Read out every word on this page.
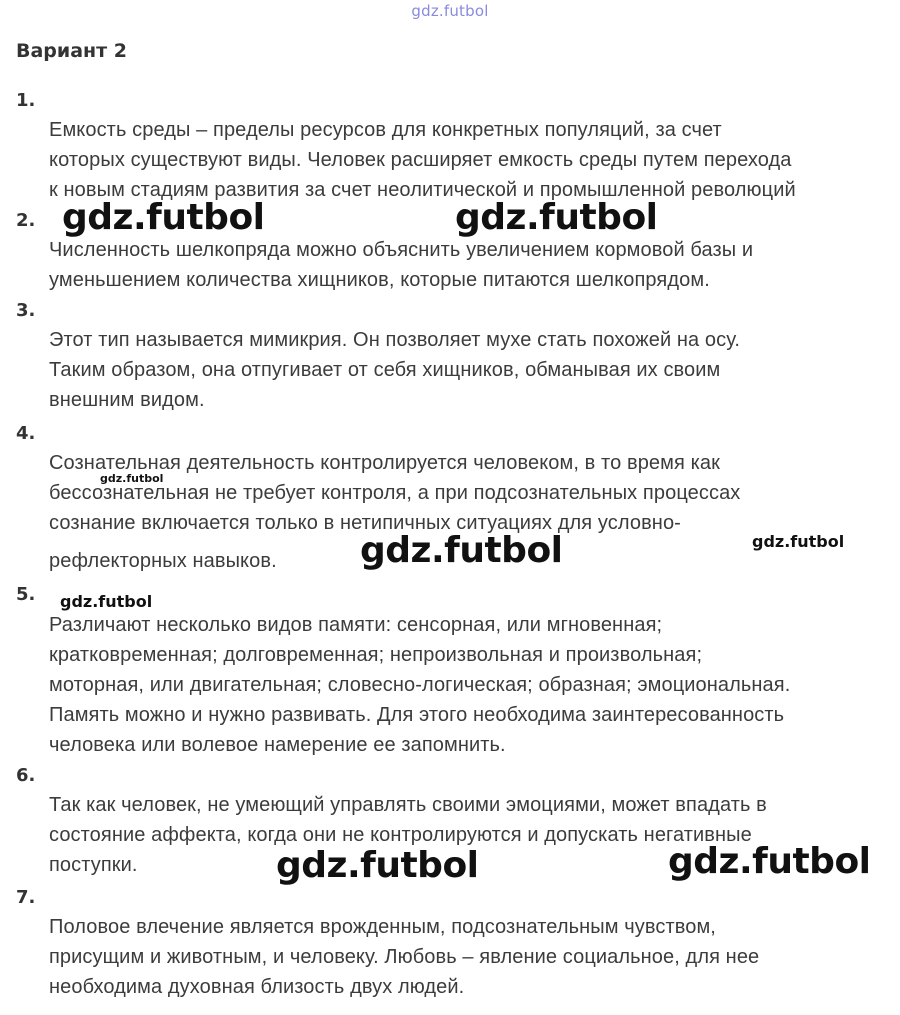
gdz.futbol
Вариант 2
1.
Емкость среды – пределы ресурсов для конкретных популяций, за счет
которых существуют виды. Человек расширяет емкость среды путем перехода
к новым стадиям развития за счет неолитической и промышленной революций
2.
Численность шелкопряда можно объяснить увеличением кормовой базы и
уменьшением количества хищников, которые питаются шелкопрядом.
3.
Этот тип называется мимикрия. Он позволяет мухе стать похожей на осу.
Таким образом, она отпугивает от себя хищников, обманывая их своим
внешним видом.
4.
Сознательная деятельность контролируется человеком, в то время как
бессознательная не требует контроля, а при подсознательных процессах
сознание включается только в нетипичных ситуациях для условно-
рефлекторных навыков.
5.
Различают несколько видов памяти: сенсорная, или мгновенная;
кратковременная; долговременная; непроизвольная и произвольная;
моторная, или двигательная; словесно-логическая; образная; эмоциональная.
Память можно и нужно развивать. Для этого необходима заинтересованность
человека или волевое намерение ее запомнить.
6.
Так как человек, не умеющий управлять своими эмоциями, может впадать в
состояние аффекта, когда они не контролируются и допускать негативные
поступки.
7.
Половое влечение является врожденным, подсознательным чувством,
присущим и животным, и человеку. Любовь – явление социальное, для нее
необходима духовная близость двух людей.
gdz.futbol	gdz.futbol
gdz.futbol
gdz.futbol	gdz.futbol
gdz.futbol
gdz.futbol	gdz.futbol
